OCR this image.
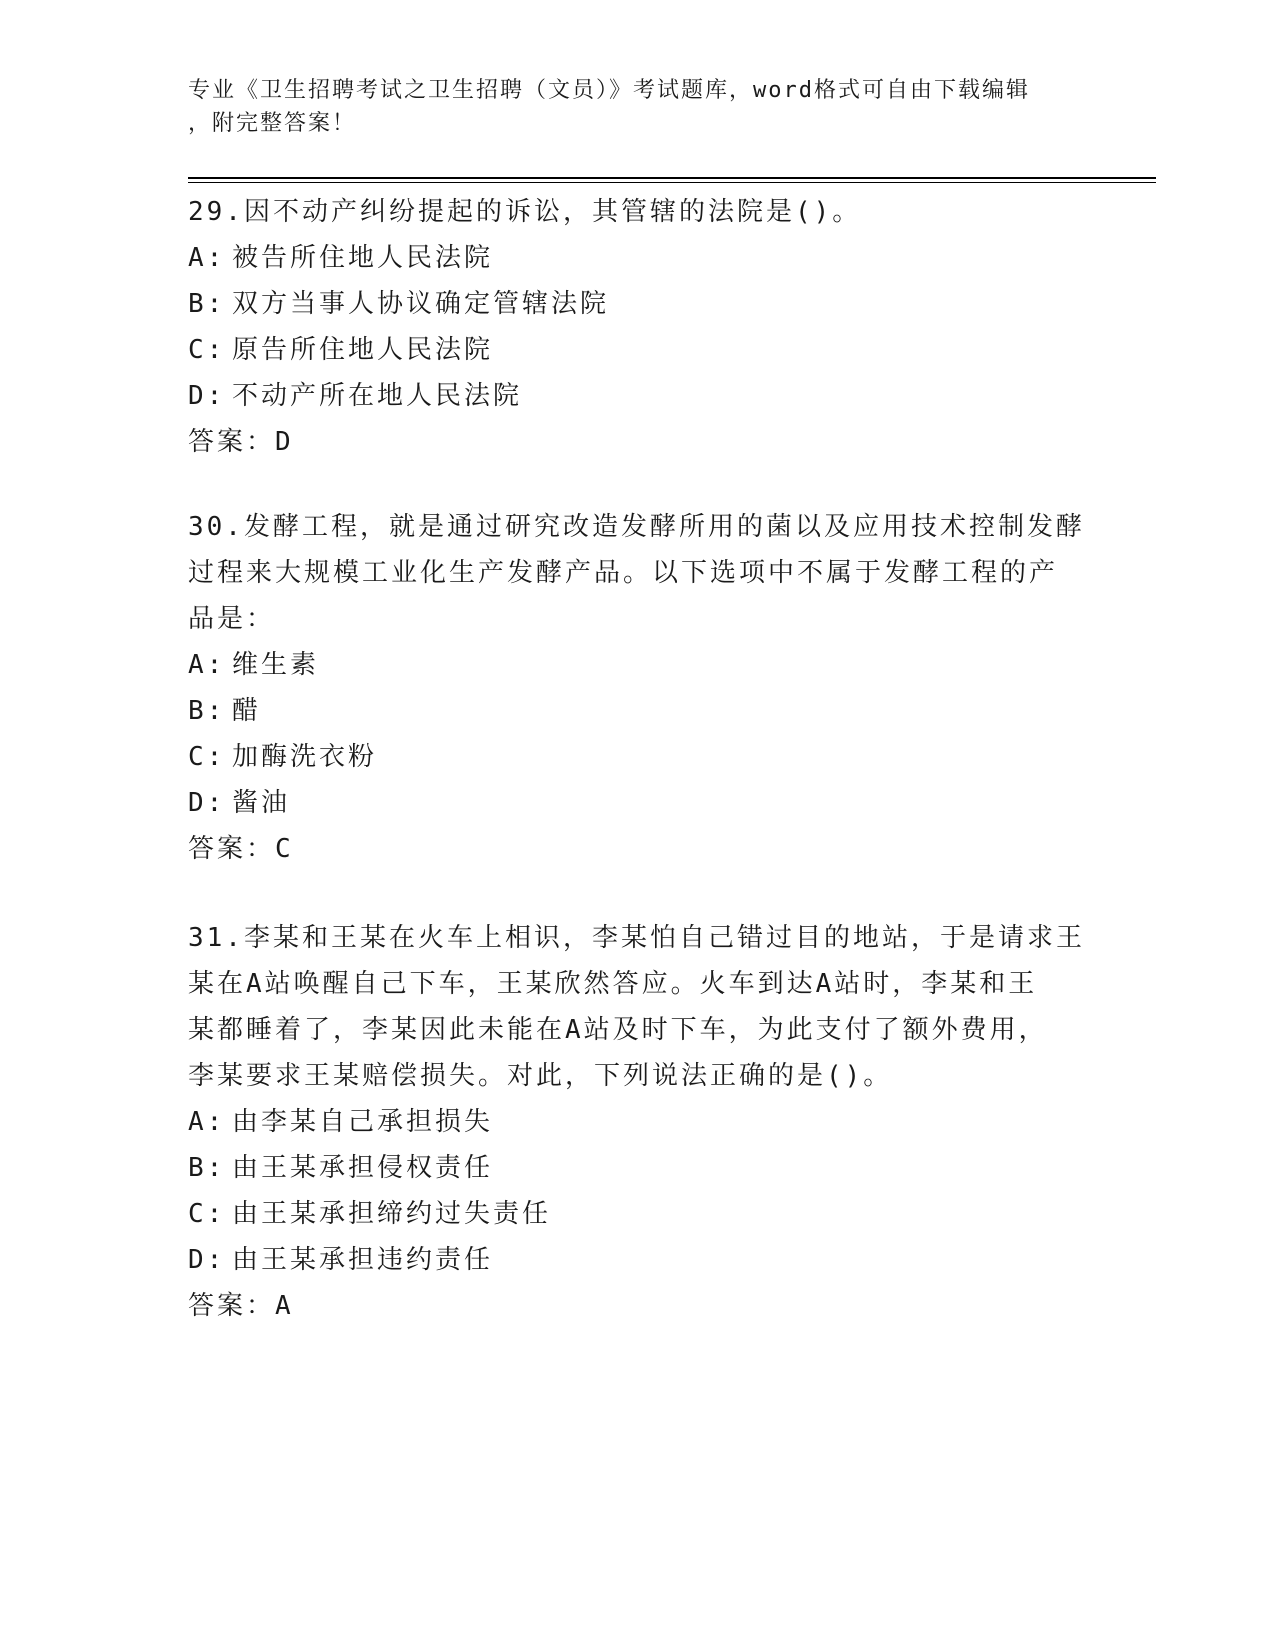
专业《卫生招聘考试之卫生招聘（文员）》考试题库，word格式可自由下载编辑
，附完整答案！

29.因不动产纠纷提起的诉讼，其管辖的法院是()。

A: 被告所住地人民法院

B: 双方当事人协议确定管辖法院

C: 原告所住地人民法院

D: 不动产所在地人民法院

答案：D

30.发酵工程，就是通过研究改造发酵所用的菌以及应用技术控制发酵

过程来大规模工业化生产发酵产品。以下选项中不属于发酵工程的产

品是：

A: 维生素

B: 醋

C: 加酶洗衣粉

D: 酱油

答案：C

31.李某和王某在火车上相识，李某怕自己错过目的地站，于是请求王

某在A站唤醒自己下车，王某欣然答应。火车到达A站时，李某和王

某都睡着了，李某因此未能在A站及时下车，为此支付了额外费用，

李某要求王某赔偿损失。对此，下列说法正确的是()。

A: 由李某自己承担损失

B: 由王某承担侵权责任

C: 由王某承担缔约过失责任

D: 由王某承担违约责任

答案：A
